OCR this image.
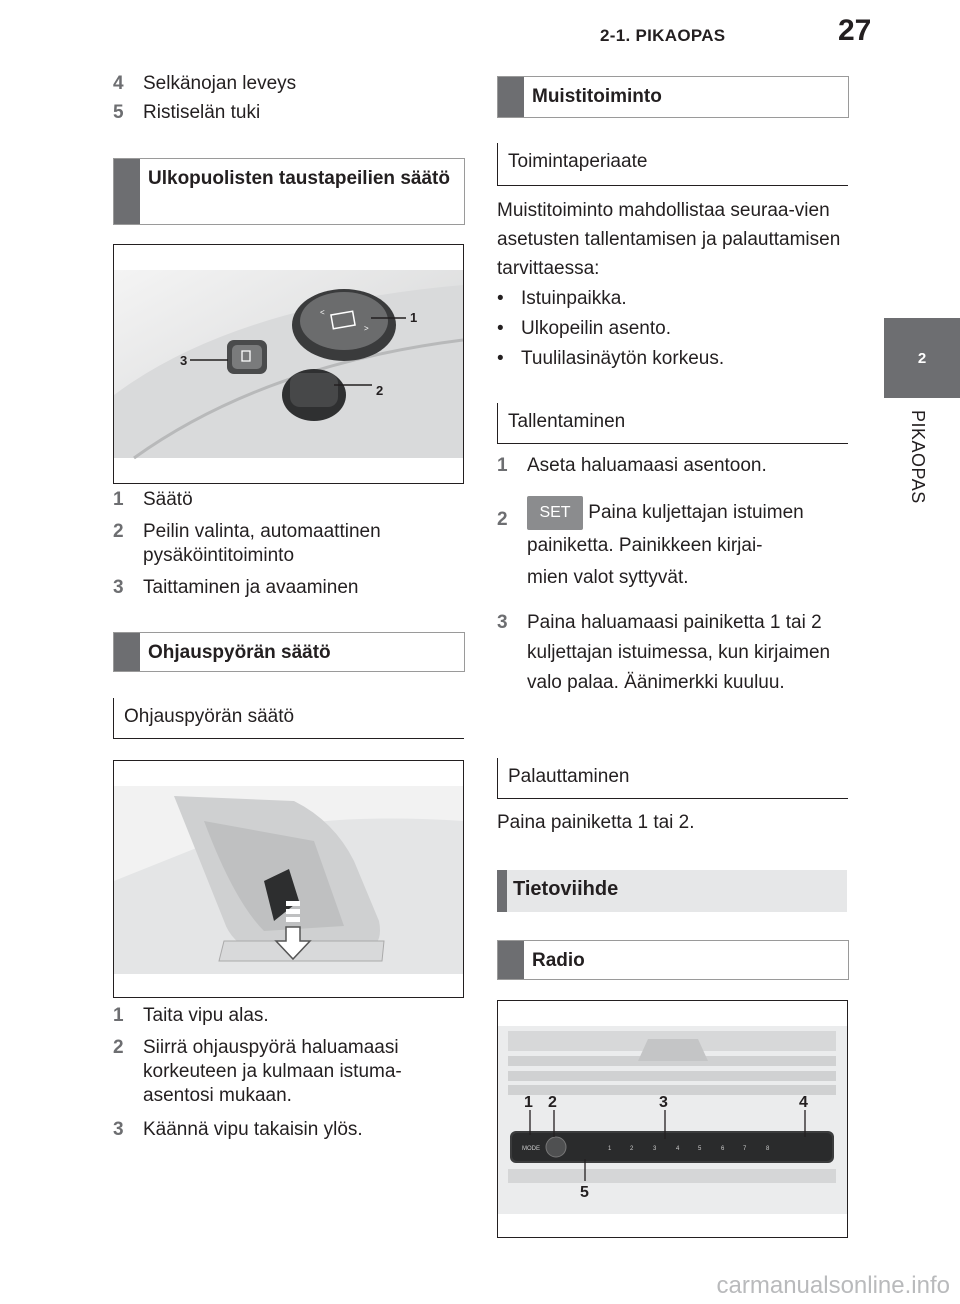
2-1. PIKAOPAS	27
2
PIKAOPAS
4 Selkänojan leveys
5 Ristiselän tuki
Ulkopuolisten taustapeilien säätö
<
>
1
2
3
1 Säätö
2 Peilin valinta, automaattinen pysäköintitoiminto
3 Taittaminen ja avaaminen
Ohjauspyörän säätö
Ohjauspyörän säätö
1 Taita vipu alas.
2 Siirrä ohjauspyörä haluamaasi korkeuteen ja kulmaan istuma-asentosi mukaan.
3 Käännä vipu takaisin ylös.
Muistitoiminto
Toimintaperiaate
Muistitoiminto mahdollistaa seuraa-vien asetusten tallentamisen ja palauttamisen tarvittaessa:
• Istuinpaikka.
• Ulkopeilin asento.
• Tuulilasinäytön korkeus.
Tallentaminen
1 Aseta haluamaasi asentoon.
2	SET Paina kuljettajan istuimen
painiketta. Painikkeen kirjai-
mien valot syttyvät.
3 Paina haluamaasi painiketta 1 tai 2 kuljettajan istuimessa, kun kirjaimen valo palaa. Äänimerkki kuuluu.
Palauttaminen
Paina painiketta 1 tai 2.
Tietoviihde
Radio
MODE	1	2	3	4	5	6	7	8
1 2	3	4
5
carmanualsonline.info
